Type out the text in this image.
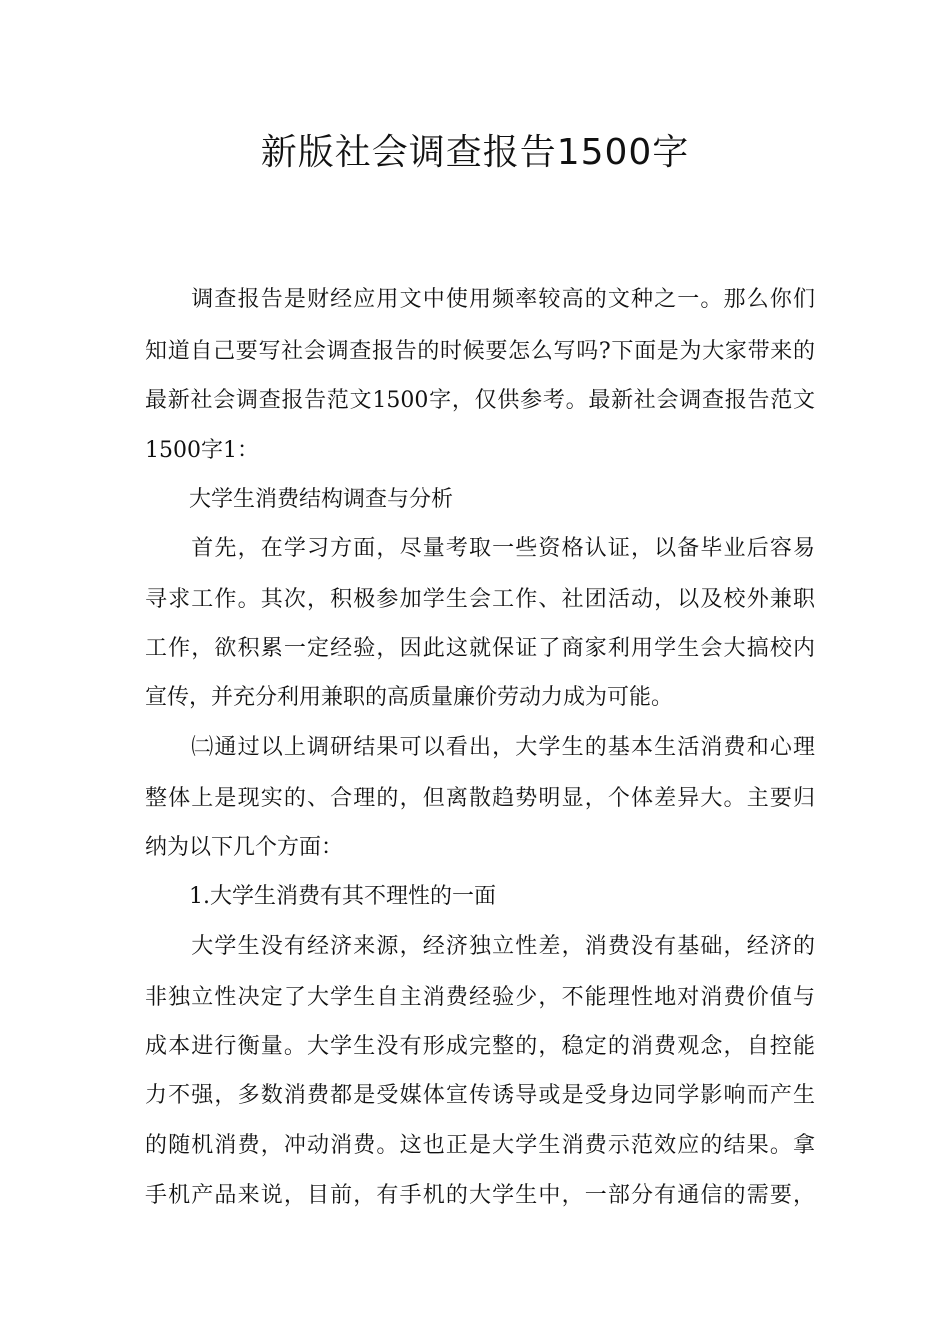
新版社会调查报告1500字
　　调查报告是财经应用文中使用频率较高的文种之一。那么你们
知道自己要写社会调查报告的时候要怎么写吗?下面是为大家带来的
最新社会调查报告范文1500字，仅供参考。最新社会调查报告范文
1500字1：
　　大学生消费结构调查与分析
　　首先，在学习方面，尽量考取一些资格认证，以备毕业后容易
寻求工作。其次，积极参加学生会工作、社团活动，以及校外兼职
工作，欲积累一定经验，因此这就保证了商家利用学生会大搞校内
宣传，并充分利用兼职的高质量廉价劳动力成为可能。
　　㈡通过以上调研结果可以看出，大学生的基本生活消费和心理
整体上是现实的、合理的，但离散趋势明显，个体差异大。主要归
纳为以下几个方面：
　　1.大学生消费有其不理性的一面
　　大学生没有经济来源，经济独立性差，消费没有基础，经济的
非独立性决定了大学生自主消费经验少，不能理性地对消费价值与
成本进行衡量。大学生没有形成完整的，稳定的消费观念，自控能
力不强，多数消费都是受媒体宣传诱导或是受身边同学影响而产生
的随机消费，冲动消费。这也正是大学生消费示范效应的结果。拿
手机产品来说，目前，有手机的大学生中，一部分有通信的需要，
